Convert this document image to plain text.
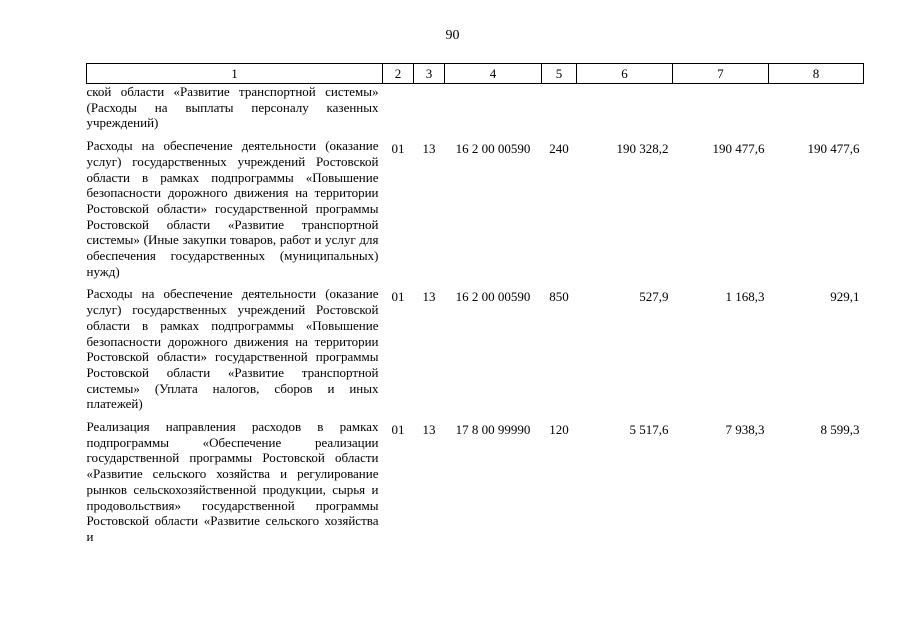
90
1	2	3	4	5	6	7	8
ской области «Развитие транспортной системы» (Расходы на выплаты персоналу казенных учреждений)							
Расходы на обеспечение деятельности (оказание услуг) государственных учреждений Ростовской области в рамках подпрограммы «Повышение безопасности дорожного движения на территории Ростовской области» государственной программы Ростовской области «Развитие транспортной системы» (Иные закупки товаров, работ и услуг для обеспечения государственных (муниципальных) нужд)	01	13	16 2 00 00590	240	190 328,2	190 477,6	190 477,6
Расходы на обеспечение деятельности (оказание услуг) государственных учреждений Ростовской области в рамках подпрограммы «Повышение безопасности дорожного движения на территории Ростовской области» государственной программы Ростовской области «Развитие транспортной системы» (Уплата налогов, сборов и иных платежей)	01	13	16 2 00 00590	850	527,9	1 168,3	929,1
Реализация направления расходов в рамках подпрограммы «Обеспечение реализации государственной программы Ростовской области «Развитие сельского хозяйства и регулирование рынков сельскохозяйственной продукции, сырья и продовольствия» государственной программы Ростовской области «Развитие сельского хозяйства и	01	13	17 8 00 99990	120	5 517,6	7 938,3	8 599,3
